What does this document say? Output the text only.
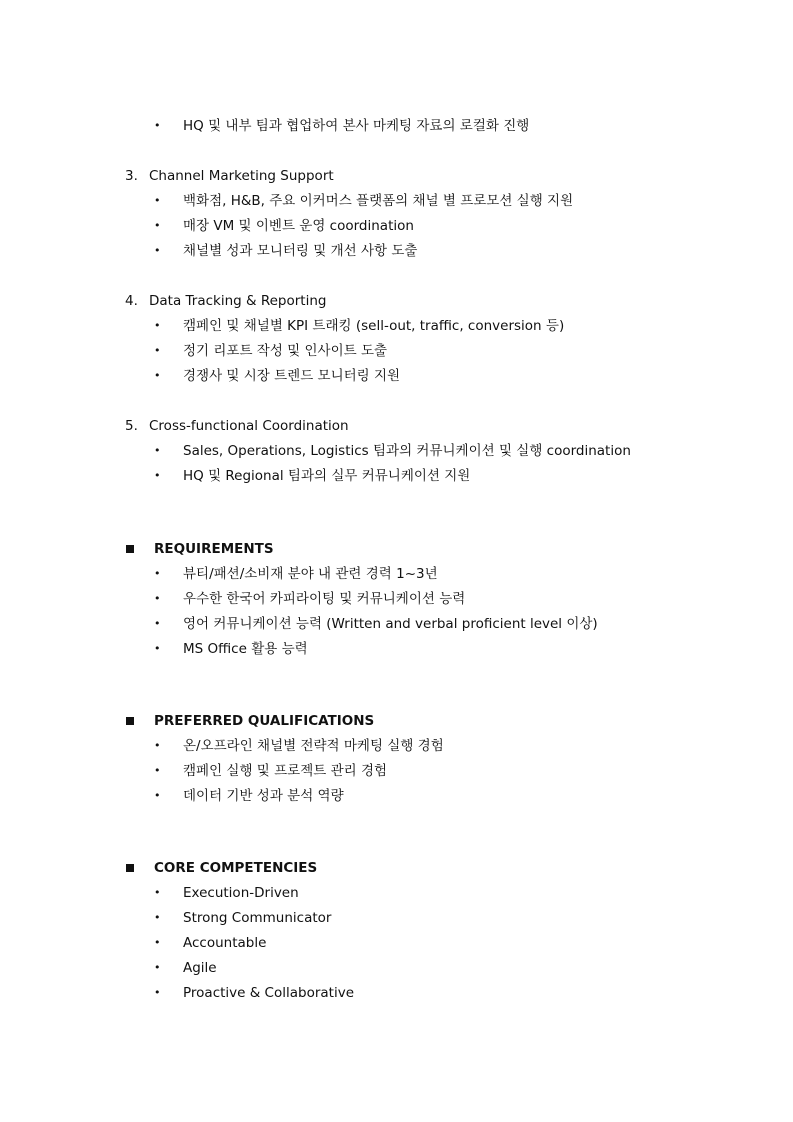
• HQ 및 내부 팀과 협업하여 본사 마케팅 자료의 로컬화 진행
3. Channel Marketing Support
• 백화점, H&B, 주요 이커머스 플랫폼의 채널 별 프로모션 실행 지원
• 매장 VM 및 이벤트 운영 coordination
• 채널별 성과 모니터링 및 개선 사항 도출
4. Data Tracking & Reporting
• 캠페인 및 채널별 KPI 트래킹 (sell-out, traffic, conversion 등)
• 정기 리포트 작성 및 인사이트 도출
• 경쟁사 및 시장 트렌드 모니터링 지원
5. Cross-functional Coordination
• Sales, Operations, Logistics 팀과의 커뮤니케이션 및 실행 coordination
• HQ 및 Regional 팀과의 실무 커뮤니케이션 지원
REQUIREMENTS
• 뷰티/패션/소비재 분야 내 관련 경력 1~3년
• 우수한 한국어 카피라이팅 및 커뮤니케이션 능력
• 영어 커뮤니케이션 능력 (Written and verbal proficient level 이상)
• MS Office 활용 능력
PREFERRED QUALIFICATIONS
• 온/오프라인 채널별 전략적 마케팅 실행 경험
• 캠페인 실행 및 프로젝트 관리 경험
• 데이터 기반 성과 분석 역량
CORE COMPETENCIES
• Execution-Driven
• Strong Communicator
• Accountable
• Agile
• Proactive & Collaborative
